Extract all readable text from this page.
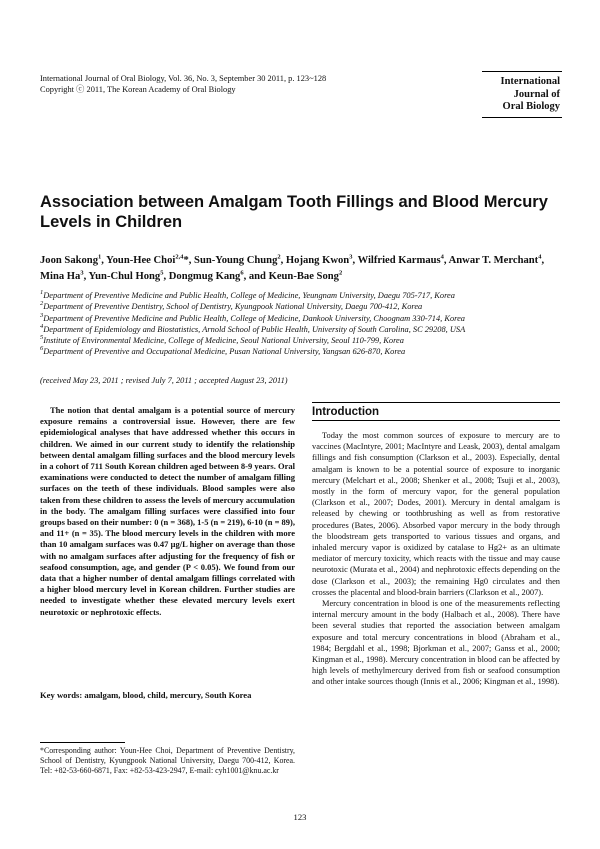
International Journal of Oral Biology, Vol. 36, No. 3, September 30 2011, p. 123~128
Copyright ⓒ 2011, The Korean Academy of Oral Biology
International
Journal of
Oral Biology
Association between Amalgam Tooth Fillings and Blood Mercury Levels in Children
Joon Sakong$^1$, Youn-Hee Choi$^{2,4}$*, Sun-Young Chung$^2$, Hojang Kwon$^3$, Wilfried Karmaus$^4$, Anwar T. Merchant$^4$, Mina Ha$^3$, Yun-Chul Hong$^5$, Dongmug Kang$^6$, and Keun-Bae Song$^2$
$^1$Department of Preventive Medicine and Public Health, College of Medicine, Yeungnam University, Daegu 705-717, Korea
$^2$Department of Preventive Dentistry, School of Dentistry, Kyungpook National University, Daegu 700-412, Korea
$^3$Department of Preventive Medicine and Public Health, College of Medicine, Dankook University, Choognam 330-714, Korea
$^4$Department of Epidemiology and Biostatistics, Arnold School of Public Health, University of South Carolina, SC 29208, USA
$^5$Institute of Environmental Medicine, College of Medicine, Seoul National University, Seoul 110-799, Korea
$^6$Department of Preventive and Occupational Medicine, Pusan National University, Yangsan 626-870, Korea
(received May 23, 2011 ; revised July 7, 2011 ; accepted August 23, 2011)
The notion that dental amalgam is a potential source of mercury exposure remains a controversial issue. However, there are few epidemiological analyses that have addressed whether this occurs in children. We aimed in our current study to identify the relationship between dental amalgam filling surfaces and the blood mercury levels in a cohort of 711 South Korean children aged between 8-9 years. Oral examinations were conducted to detect the number of amalgam filling surfaces on the teeth of these individuals. Blood samples were also taken from these children to assess the levels of mercury accumulation in the body. The amalgam filling surfaces were classified into four groups based on their number: 0 (n = 368), 1-5 (n = 219), 6-10 (n = 89), and 11+ (n = 35). The blood mercury levels in the children with more than 10 amalgam surfaces was 0.47 μg/L higher on average than those with no amalgam surfaces after adjusting for the frequency of fish or seafood consumption, age, and gender (P < 0.05). We found from our data that a higher number of dental amalgam fillings correlated with a higher blood mercury level in Korean children. Further studies are needed to investigate whether these elevated mercury levels exert neurotoxic or nephrotoxic effects.
Key words: amalgam, blood, child, mercury, South Korea
*Corresponding author: Youn-Hee Choi, Department of Preventive Dentistry, School of Dentistry, Kyungpook National University, Daegu 700-412, Korea. Tel: +82-53-660-6871, Fax: +82-53-423-2947, E-mail: cyh1001@knu.ac.kr
Introduction

Today the most common sources of exposure to mercury are to vaccines (MacIntyre, 2001; MacIntyre and Leask, 2003), dental amalgam fillings and fish consumption (Clarkson et al., 2003). Especially, dental amalgam is known to be a potential source of exposure to inorganic mercury (Melchart et al., 2008; Shenker et al., 2008; Tsuji et al., 2003), mostly in the form of mercury vapor, for the general population (Clarkson et al., 2007; Dodes, 2001). Mercury in dental amalgam is released by chewing or toothbrushing as well as from restorative procedures (Bates, 2006). Absorbed vapor mercury in the body through the bloodstream gets transported to various tissues and organs, and inhaled mercury vapor is oxidized by catalase to Hg2+ as an ultimate mediator of mercury toxicity, which reacts with the tissue and may cause neurotoxic (Murata et al., 2004) and nephrotoxic effects depending on the dose (Clarkson et al., 2003); the remaining Hg0 circulates and then crosses the placental and blood-brain barriers (Clarkson et al., 2007).

Mercury concentration in blood is one of the measurements reflecting internal mercury amount in the body (Halbach et al., 2008). There have been several studies that reported the association between amalgam exposure and total mercury concentrations in blood (Abraham et al., 1984; Bergdahl et al., 1998; Bjorkman et al., 2007; Ganss et al., 2000; Kingman et al., 1998). Mercury concentration in blood can be affected by high levels of methylmercury derived from fish or seafood consumption and other intake sources though (Innis et al., 2006; Kingman et al., 1998).

123
